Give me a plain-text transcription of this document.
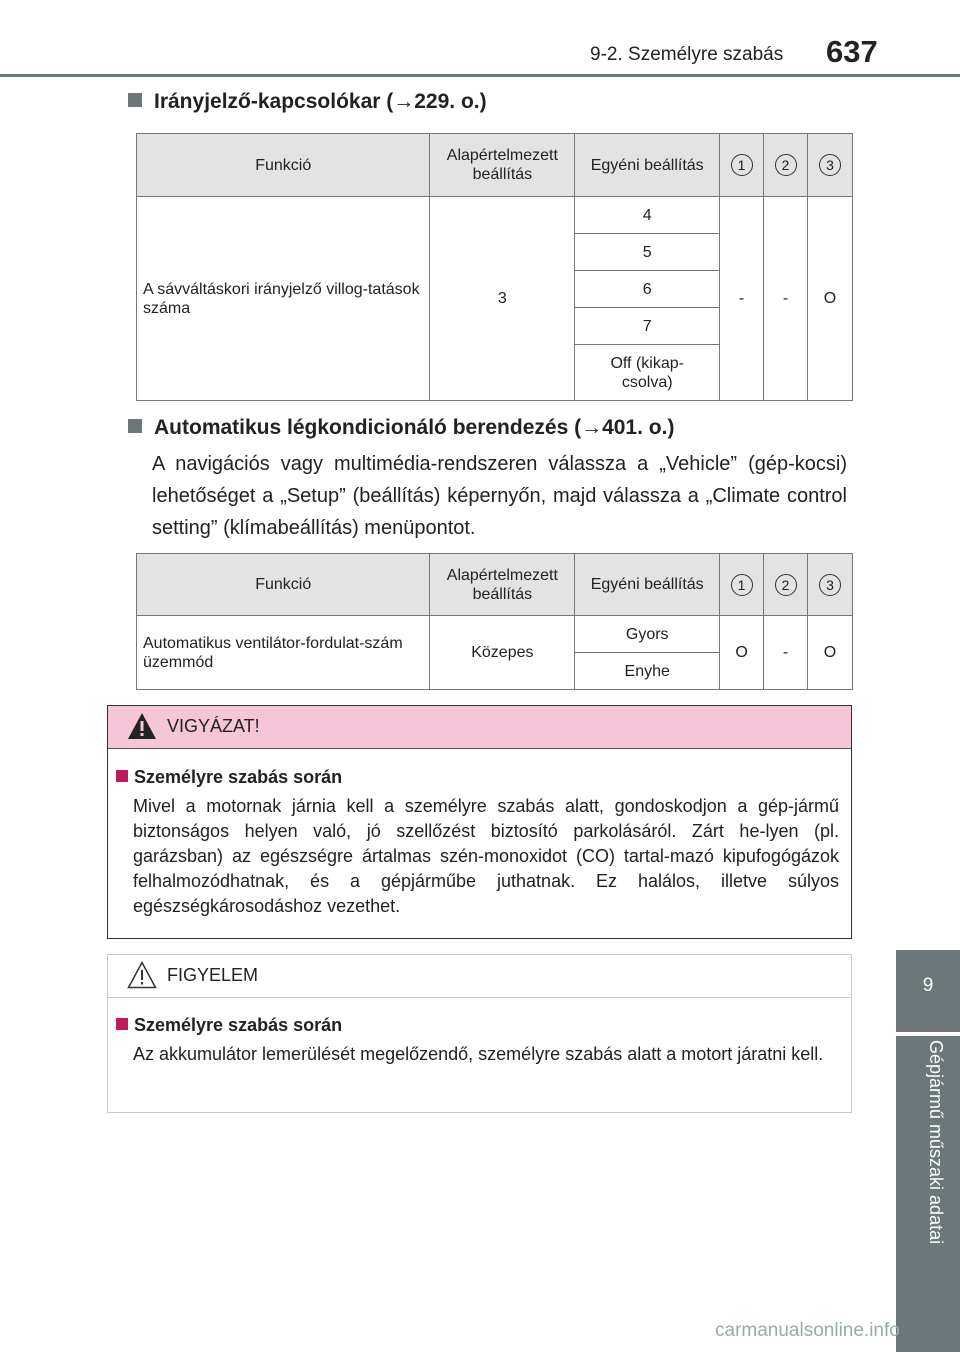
9-2. Személyre szabás 637
9
Gépjármű műszaki adatai
Irányjelző-kapcsolókar (→229. o.)
Funkció	Alapértelmezett beállítás	Egyéni beállítás	1	2	3
A sávváltáskori irányjelző villog-tatások száma	3	4	-	-	O
		5			
		6			
		7			
		Off (kikap-csolva)			
Automatikus légkondicionáló berendezés (→401. o.)
A navigációs vagy multimédia-rendszeren válassza a „Vehicle” (gép-kocsi) lehetőséget a „Setup” (beállítás) képernyőn, majd válassza a „Climate control setting” (klímabeállítás) menüpontot.
Funkció	Alapértelmezett beállítás	Egyéni beállítás	1	2	3
Automatikus ventilátor-fordulat-szám üzemmód	Közepes	Gyors	O	-	O
		Enyhe			
VIGYÁZAT!
Személyre szabás során
Mivel a motornak járnia kell a személyre szabás alatt, gondoskodjon a gép-jármű biztonságos helyen való, jó szellőzést biztosító parkolásáról. Zárt he-lyen (pl. garázsban) az egészségre ártalmas szén-monoxidot (CO) tartal-mazó kipufogógázok felhalmozódhatnak, és a gépjárműbe juthatnak. Ez halálos, illetve súlyos egészségkárosodáshoz vezethet.
FIGYELEM
Személyre szabás során
Az akkumulátor lemerülését megelőzendő, személyre szabás alatt a motort járatni kell.
carmanualsonline.info
